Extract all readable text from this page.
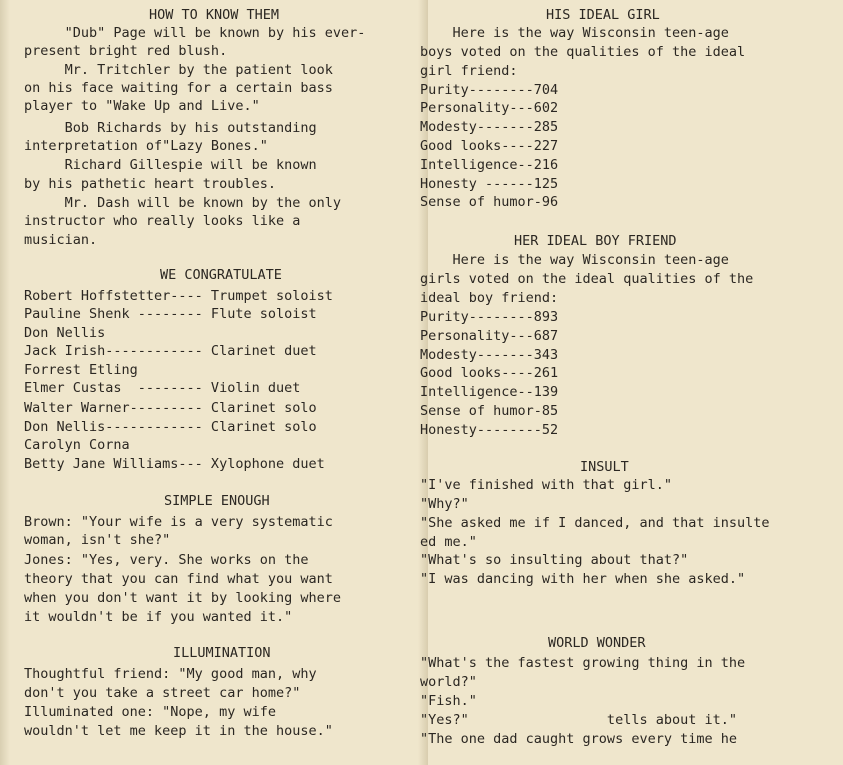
HOW TO KNOW THEM
"Dub" Page will be known by his ever-
present bright red blush.
Mr. Tritchler by the patient look
on his face waiting for a certain bass
player to "Wake Up and Live."
Bob Richards by his outstanding
interpretation of"Lazy Bones."
Richard Gillespie will be known
by his pathetic heart troubles.
Mr. Dash will be known by the only
instructor who really looks like a
musician.
WE CONGRATULATE
Robert Hoffstetter---- Trumpet soloist
Pauline Shenk -------- Flute soloist
Don Nellis
Jack Irish------------ Clarinet duet
Forrest Etling
Elmer Custas  -------- Violin duet
Walter Warner--------- Clarinet solo
Don Nellis------------ Clarinet solo
Carolyn Corna
Betty Jane Williams--- Xylophone duet
SIMPLE ENOUGH
Brown: "Your wife is a very systematic
woman, isn't she?"
Jones: "Yes, very. She works on the
theory that you can find what you want
when you don't want it by looking where
it wouldn't be if you wanted it."
ILLUMINATION
Thoughtful friend: "My good man, why
don't you take a street car home?"
Illuminated one: "Nope, my wife
wouldn't let me keep it in the house."
HIS IDEAL GIRL
Here is the way Wisconsin teen-age
boys voted on the qualities of the ideal
girl friend:
Purity--------704
Personality---602
Modesty-------285
Good looks----227
Intelligence--216
Honesty ------125
Sense of humor-96
HER IDEAL BOY FRIEND
Here is the way Wisconsin teen-age
girls voted on the ideal qualities of the
ideal boy friend:
Purity--------893
Personality---687
Modesty-------343
Good looks----261
Intelligence--139
Sense of humor-85
Honesty--------52
INSULT
"I've finished with that girl."
"Why?"
"She asked me if I danced, and that insulte
ed me."
"What's so insulting about that?"
"I was dancing with her when she asked."
WORLD WONDER
"What's the fastest growing thing in the
world?"
"Fish."
"Yes?"                 tells about it."
"The one dad caught grows every time he
